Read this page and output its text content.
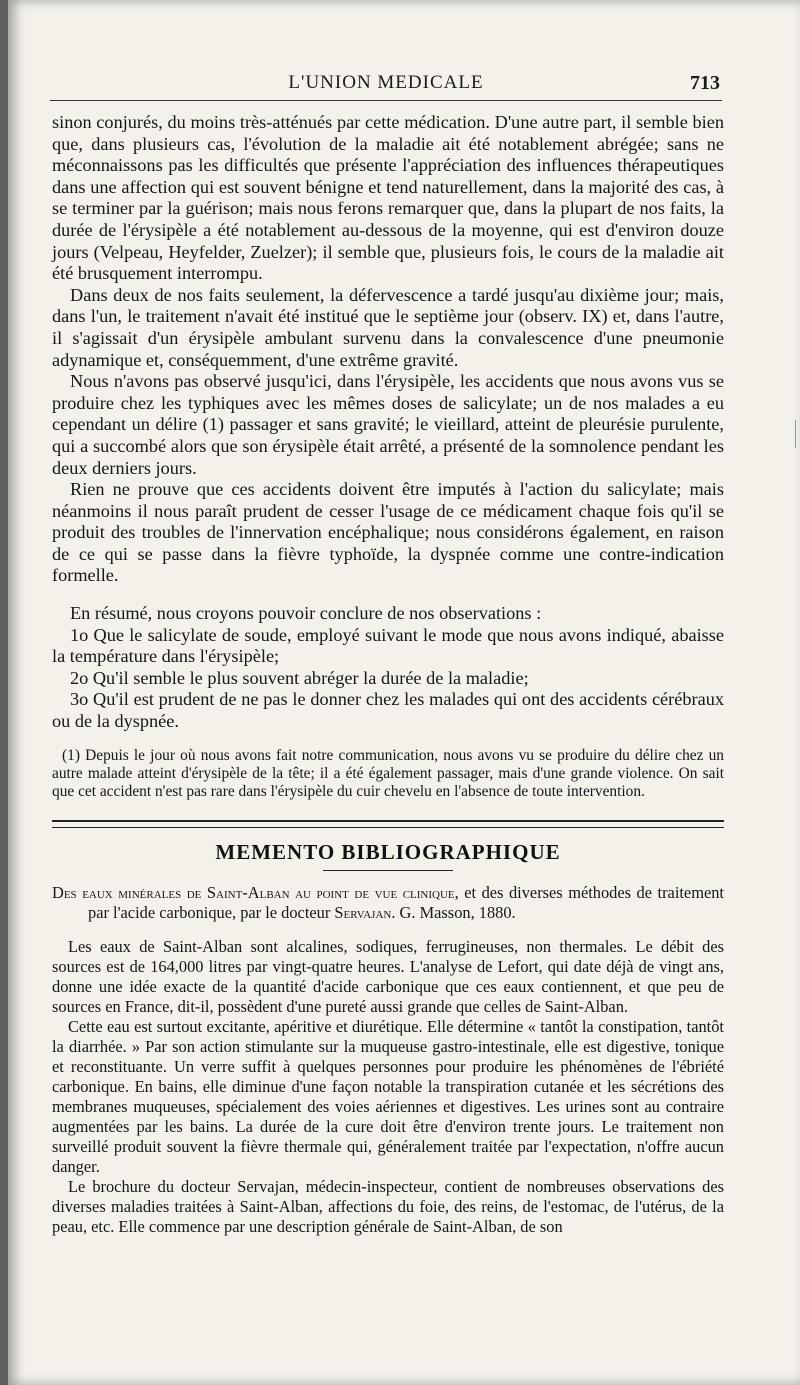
L'UNION MEDICALE	713

sinon conjurés, du moins très-atténués par cette médication. D'une autre part, il semble bien que, dans plusieurs cas, l'évolution de la maladie ait été notablement abrégée; sans ne méconnaissons pas les difficultés que présente l'appréciation des influences thérapeutiques dans une affection qui est souvent bénigne et tend naturellement, dans la majorité des cas, à se terminer par la guérison; mais nous ferons remarquer que, dans la plupart de nos faits, la durée de l'érysipèle a été notablement au-dessous de la moyenne, qui est d'environ douze jours (Velpeau, Heyfelder, Zuelzer); il semble que, plusieurs fois, le cours de la maladie ait été brusquement interrompu.

Dans deux de nos faits seulement, la défervescence a tardé jusqu'au dixième jour; mais, dans l'un, le traitement n'avait été institué que le septième jour (observ. IX) et, dans l'autre, il s'agissait d'un érysipèle ambulant survenu dans la convalescence d'une pneumonie adynamique et, conséquemment, d'une extrême gravité.

Nous n'avons pas observé jusqu'ici, dans l'érysipèle, les accidents que nous avons vus se produire chez les typhiques avec les mêmes doses de salicylate; un de nos malades a eu cependant un délire (1) passager et sans gravité; le vieillard, atteint de pleurésie purulente, qui a succombé alors que son érysipèle était arrêté, a présenté de la somnolence pendant les deux derniers jours.

Rien ne prouve que ces accidents doivent être imputés à l'action du salicylate; mais néanmoins il nous paraît prudent de cesser l'usage de ce médicament chaque fois qu'il se produit des troubles de l'innervation encéphalique; nous considérons également, en raison de ce qui se passe dans la fièvre typhoïde, la dyspnée comme une contre-indication formelle.

En résumé, nous croyons pouvoir conclure de nos observations :

1o Que le salicylate de soude, employé suivant le mode que nous avons indiqué, abaisse la température dans l'érysipèle;

2o Qu'il semble le plus souvent abréger la durée de la maladie;

3o Qu'il est prudent de ne pas le donner chez les malades qui ont des accidents cérébraux ou de la dyspnée.

(1) Depuis le jour où nous avons fait notre communication, nous avons vu se produire du délire chez un autre malade atteint d'érysipèle de la tête; il a été également passager, mais d'une grande violence. On sait que cet accident n'est pas rare dans l'érysipèle du cuir chevelu en l'absence de toute intervention.

MEMENTO BIBLIOGRAPHIQUE

Des eaux minérales de Saint-Alban au point de vue clinique, et des diverses méthodes de traitement par l'acide carbonique, par le docteur Servajan. G. Masson, 1880.

Les eaux de Saint-Alban sont alcalines, sodiques, ferrugineuses, non thermales. Le débit des sources est de 164,000 litres par vingt-quatre heures. L'analyse de Lefort, qui date déjà de vingt ans, donne une idée exacte de la quantité d'acide carbonique que ces eaux contiennent, et que peu de sources en France, dit-il, possèdent d'une pureté aussi grande que celles de Saint-Alban.

Cette eau est surtout excitante, apéritive et diurétique. Elle détermine « tantôt la constipation, tantôt la diarrhée. » Par son action stimulante sur la muqueuse gastro-intestinale, elle est digestive, tonique et reconstituante. Un verre suffit à quelques personnes pour produire les phénomènes de l'ébriété carbonique. En bains, elle diminue d'une façon notable la transpiration cutanée et les sécrétions des membranes muqueuses, spécialement des voies aériennes et digestives. Les urines sont au contraire augmentées par les bains. La durée de la cure doit être d'environ trente jours. Le traitement non surveillé produit souvent la fièvre thermale qui, généralement traitée par l'expectation, n'offre aucun danger.

Le brochure du docteur Servajan, médecin-inspecteur, contient de nombreuses observations des diverses maladies traitées à Saint-Alban, affections du foie, des reins, de l'estomac, de l'utérus, de la peau, etc. Elle commence par une description générale de Saint-Alban, de son
